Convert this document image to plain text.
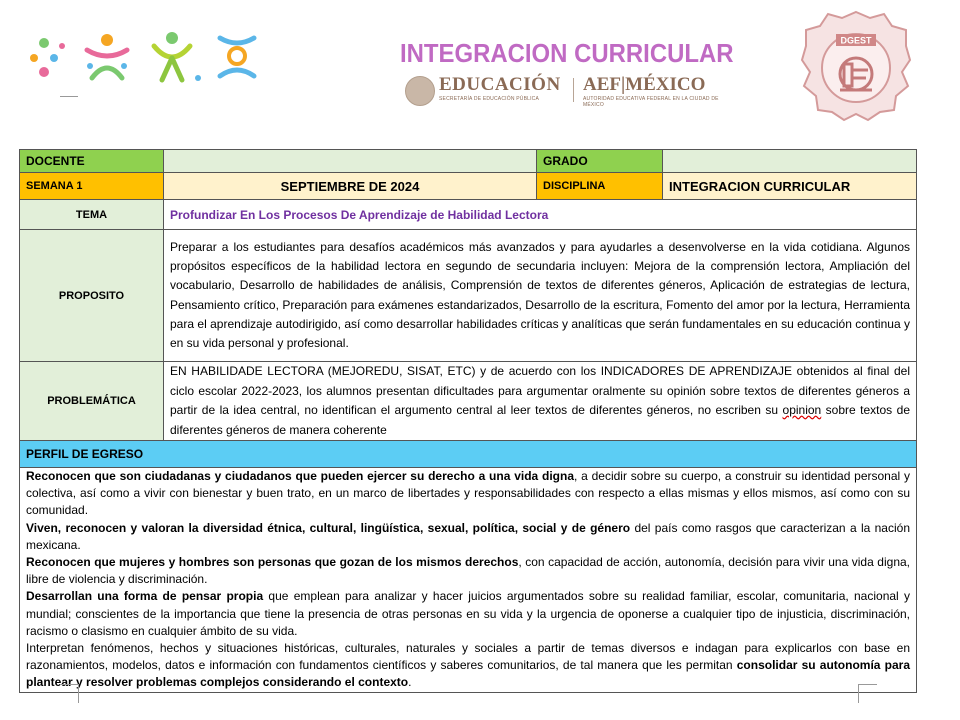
INTEGRACION CURRICULAR
EDUCACIÓN
SECRETARÍA DE EDUCACIÓN PÚBLICA
AEF|MÉXICO
AUTORIDAD EDUCATIVA FEDERAL EN LA CIUDAD DE MÉXICO
DGEST
DOCENTE		GRADO	
SEMANA 1	SEPTIEMBRE DE 2024	DISCIPLINA	INTEGRACION CURRICULAR
TEMA	Profundizar En Los Procesos De Aprendizaje de Habilidad Lectora		
PROPOSITO	Preparar a los estudiantes para desafíos académicos más avanzados y para ayudarles a desenvolverse en la vida cotidiana. Algunos propósitos específicos de la habilidad lectora en segundo de secundaria incluyen: Mejora de la comprensión lectora, Ampliación del vocabulario, Desarrollo de habilidades de análisis, Comprensión de textos de diferentes géneros, Aplicación de estrategias de lectura, Pensamiento crítico, Preparación para exámenes estandarizados, Desarrollo de la escritura, Fomento del amor por la lectura, Herramienta para el aprendizaje autodirigido, así como desarrollar habilidades críticas y analíticas que serán fundamentales en su educación continua y en su vida personal y profesional.		
PROBLEMÁTICA	EN HABILIDADE LECTORA (MEJOREDU, SISAT, ETC) y de acuerdo con los INDICADORES DE APRENDIZAJE obtenidos al final del ciclo escolar 2022-2023, los alumnos presentan dificultades para argumentar oralmente su opinión sobre textos de diferentes géneros a partir de la idea central, no identifican el argumento central al leer textos de diferentes géneros, no escriben su opinion sobre textos de diferentes géneros de manera coherente		
PERFIL DE EGRESO			

Reconocen que son ciudadanas y ciudadanos que pueden ejercer su derecho a una vida digna, a decidir sobre su cuerpo, a construir su identidad personal y colectiva, así como a vivir con bienestar y buen trato, en un marco de libertades y responsabilidades con respecto a ellas mismas y ellos mismos, así como con su comunidad.

Viven, reconocen y valoran la diversidad étnica, cultural, lingüística, sexual, política, social y de género del país como rasgos que caracterizan a la nación mexicana.

Reconocen que mujeres y hombres son personas que gozan de los mismos derechos, con capacidad de acción, autonomía, decisión para vivir una vida digna, libre de violencia y discriminación.

Desarrollan una forma de pensar propia que emplean para analizar y hacer juicios argumentados sobre su realidad familiar, escolar, comunitaria, nacional y mundial; conscientes de la importancia que tiene la presencia de otras personas en su vida y la urgencia de oponerse a cualquier tipo de injusticia, discriminación, racismo o clasismo en cualquier ámbito de su vida.

Interpretan fenómenos, hechos y situaciones históricas, culturales, naturales y sociales a partir de temas diversos e indagan para explicarlos con base en razonamientos, modelos, datos e información con fundamentos científicos y saberes comunitarios, de tal manera que les permitan consolidar su autonomía para plantear y resolver problemas complejos considerando el contexto.			
